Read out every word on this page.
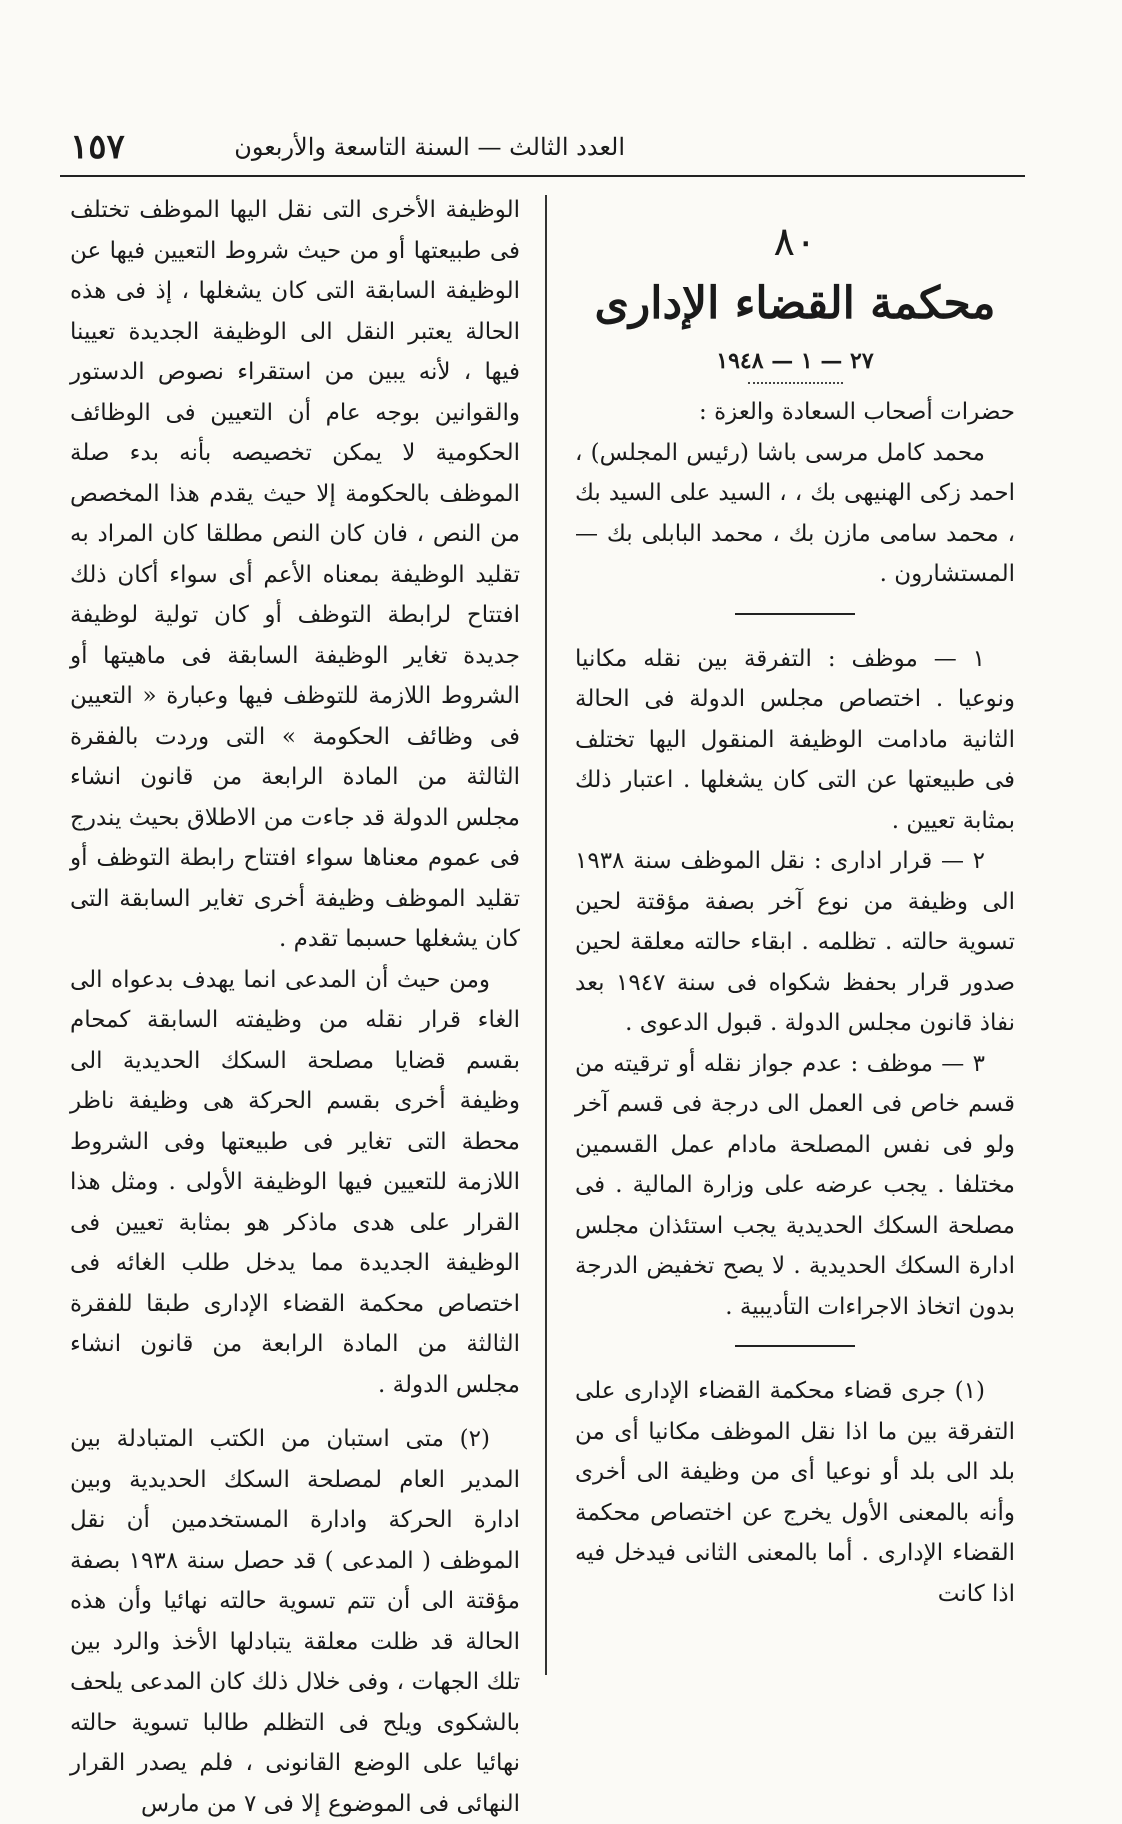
١٥٧	العدد الثالث — السنة التاسعة والأربعون
٨٠
محكمة القضاء الإدارى
٢٧ — ١ — ١٩٤٨

حضرات أصحاب السعادة والعزة :

محمد كامل مرسى باشا (رئيس المجلس) ، احمد زكى الهنيهى بك ، ، السيد على السيد بك ، محمد سامى مازن بك ، محمد البابلى بك — المستشارون .

١ — موظف : التفرقة بين نقله مكانيا ونوعيا . اختصاص مجلس الدولة فى الحالة الثانية مادامت الوظيفة المنقول اليها تختلف فى طبيعتها عن التى كان يشغلها . اعتبار ذلك بمثابة تعيين .

٢ — قرار ادارى : نقل الموظف سنة ١٩٣٨ الى وظيفة من نوع آخر بصفة مؤقتة لحين تسوية حالته . تظلمه . ابقاء حالته معلقة لحين صدور قرار بحفظ شكواه فى سنة ١٩٤٧ بعد نفاذ قانون مجلس الدولة . قبول الدعوى .

٣ — موظف : عدم جواز نقله أو ترقيته من قسم خاص فى العمل الى درجة فى قسم آخر ولو فى نفس المصلحة مادام عمل القسمين مختلفا . يجب عرضه على وزارة المالية . فى مصلحة السكك الحديدية يجب استئذان مجلس ادارة السكك الحديدية . لا يصح تخفيض الدرجة بدون اتخاذ الاجراءات التأديبية .

(١) جرى قضاء محكمة القضاء الإدارى على التفرقة بين ما اذا نقل الموظف مكانيا أى من بلد الى بلد أو نوعيا أى من وظيفة الى أخرى وأنه بالمعنى الأول يخرج عن اختصاص محكمة القضاء الإدارى . أما بالمعنى الثانى فيدخل فيه اذا كانت

الوظيفة الأخرى التى نقل اليها الموظف تختلف فى طبيعتها أو من حيث شروط التعيين فيها عن الوظيفة السابقة التى كان يشغلها ، إذ فى هذه الحالة يعتبر النقل الى الوظيفة الجديدة تعيينا فيها ، لأنه يبين من استقراء نصوص الدستور والقوانين بوجه عام أن التعيين فى الوظائف الحكومية لا يمكن تخصيصه بأنه بدء صلة الموظف بالحكومة إلا حيث يقدم هذا المخصص من النص ، فان كان النص مطلقا كان المراد به تقليد الوظيفة بمعناه الأعم أى سواء أكان ذلك افتتاح لرابطة التوظف أو كان تولية لوظيفة جديدة تغاير الوظيفة السابقة فى ماهيتها أو الشروط اللازمة للتوظف فيها وعبارة « التعيين فى وظائف الحكومة » التى وردت بالفقرة الثالثة من المادة الرابعة من قانون انشاء مجلس الدولة قد جاءت من الاطلاق بحيث يندرج فى عموم معناها سواء افتتاح رابطة التوظف أو تقليد الموظف وظيفة أخرى تغاير السابقة التى كان يشغلها حسبما تقدم .

ومن حيث أن المدعى انما يهدف بدعواه الى الغاء قرار نقله من وظيفته السابقة كمحام بقسم قضايا مصلحة السكك الحديدية الى وظيفة أخرى بقسم الحركة هى وظيفة ناظر محطة التى تغاير فى طبيعتها وفى الشروط اللازمة للتعيين فيها الوظيفة الأولى . ومثل هذا القرار على هدى ماذكر هو بمثابة تعيين فى الوظيفة الجديدة مما يدخل طلب الغائه فى اختصاص محكمة القضاء الإدارى طبقا للفقرة الثالثة من المادة الرابعة من قانون انشاء مجلس الدولة .

(٢) متى استبان من الكتب المتبادلة بين المدير العام لمصلحة السكك الحديدية وبين ادارة الحركة وادارة المستخدمين أن نقل الموظف ( المدعى ) قد حصل سنة ١٩٣٨ بصفة مؤقتة الى أن تتم تسوية حالته نهائيا وأن هذه الحالة قد ظلت معلقة يتبادلها الأخذ والرد بين تلك الجهات ، وفى خلال ذلك كان المدعى يلحف بالشكوى ويلح فى التظلم طالبا تسوية حالته نهائيا على الوضع القانونى ، فلم يصدر القرار النهائى فى الموضوع إلا فى ٧ من مارس
